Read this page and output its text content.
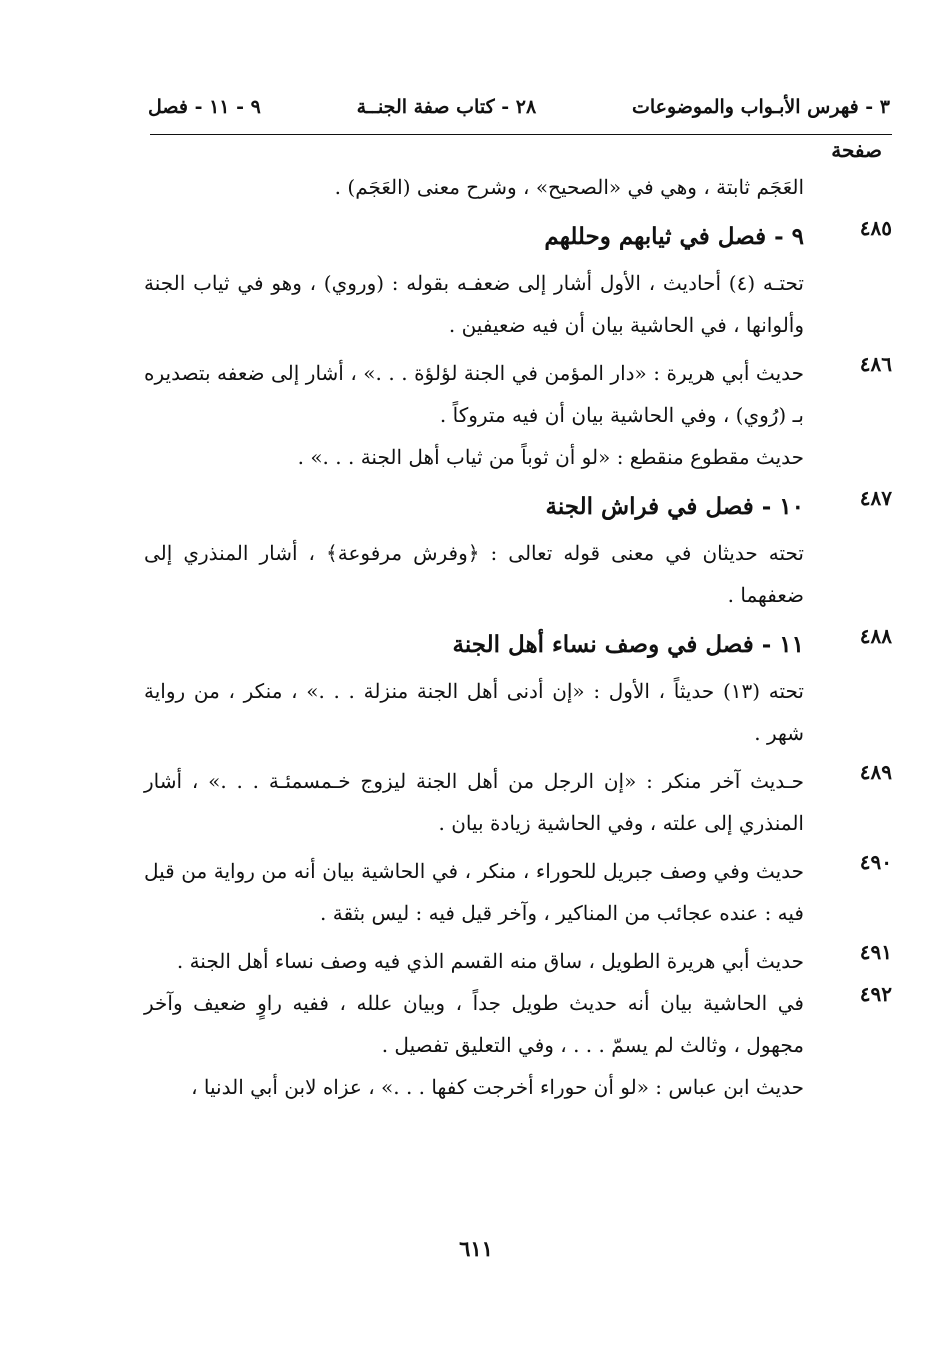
٣ - فهرس الأبـواب والموضوعات
٢٨ - كتاب صفة الجنــة
٩ - ١١ - فصل
صفحة
العَجَم ثابتة ، وهي في «الصحيح» ، وشرح معنى (العَجَم) .
٤٨٥
٩ - فصل في ثيابهم وحللهم
تحتـه (٤) أحاديث ، الأول أشار إلى ضعفـه بقوله : (وروي) ، وهو في ثياب الجنة وألوانها ، في الحاشية بيان أن فيه ضعيفين .
٤٨٦
حديث أبي هريرة : «دار المؤمن في الجنة لؤلؤة . . .» ، أشار إلى ضعفه بتصديره بـ (رُوي) ، وفي الحاشية بيان أن فيه متروكاً .
حديث مقطوع منقطع : «لو أن ثوباً من ثياب أهل الجنة . . .» .
٤٨٧
١٠ - فصل في فراش الجنة
تحته حديثان في معنى قوله تعالى : ﴿وفرش مرفوعة﴾ ، أشار المنذري إلى ضعفهما .
٤٨٨
١١ - فصل في وصف نساء أهل الجنة
تحته (١٣) حديثاً ، الأول : «إن أدنى أهل الجنة منزلة . . .» ، منكر ، من رواية شهر .
٤٨٩
حـديث آخر منكر : «إن الرجل من أهل الجنة ليزوج خـمسمئـة . . .» ، أشار المنذري إلى علته ، وفي الحاشية زيادة بيان .
٤٩٠
حديث وفي وصف جبريل للحوراء ، منكر ، في الحاشية بيان أنه من رواية من قيل فيه : عنده عجائب من المناكير ، وآخر قيل فيه : ليس بثقة .
٤٩١
حديث أبي هريرة الطويل ، ساق منه القسم الذي فيه وصف نساء أهل الجنة .
٤٩٢
في الحاشية بيان أنه حديث طويل جداً ، وبيان علله ، ففيه راوٍ ضعيف وآخر مجهول ، وثالث لم يسمّ . . . ، وفي التعليق تفصيل .
حديث ابن عباس : «لو أن حوراء أخرجت كفها . . .» ، عزاه لابن أبي الدنيا ،
٦١١
